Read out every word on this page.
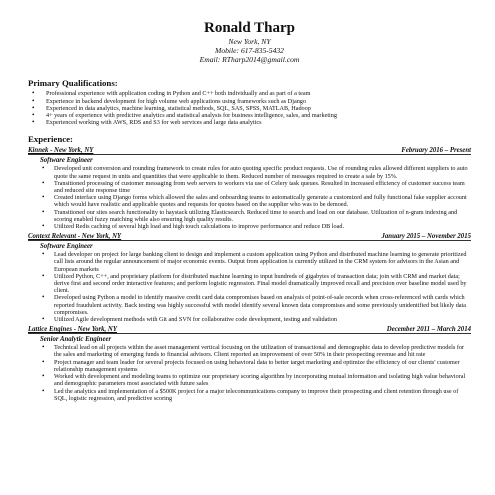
Ronald Tharp
New York, NY
Mobile: 617-835-5432
Email: RTharp2014@gmail.com
Primary Qualifications:
• Professional experience with application coding in Python and C++ both individually and as part of a team
• Experience in backend development for high volume web applications using frameworks such as Django
• Experienced in data analytics, machine learning, statistical methods, SQL, SAS, SPSS, MATLAB, Hadoop
• 4+ years of experience with predictive analytics and statistical analysis for business intelligence, sales, and marketing
• Experienced working with AWS, RDS and S3 for web services and large data analytics
Experience:
Kinnek - New York, NY	February 2016 – Present
Software Engineer
• Developed unit conversion and rounding framework to create rules for auto quoting specific product requests. Use of rounding rules allowed different suppliers to auto quote the same request in units and quantities that were applicable to them. Reduced number of messages required to create a sale by 15%.
• Transitioned processing of customer messaging from web servers to workers via use of Celery task queues. Resulted in increased efficiency of customer success team and reduced site response time
• Created interface using Django forms which allowed the sales and onboarding teams to automatically generate a customized and fully functional fake supplier account which would have realistic and applicable quotes and requests for quotes based on the supplier who was to be demoed.
• Transitioned our sites search functionality to haystack utilizing Elasticsearch. Reduced time to search and load on our database. Utilization of n-gram indexing and scoring enabled fuzzy matching while also ensuring high quality results.
• Utilized Redis caching of several high load and high touch calculations to improve performance and reduce DB load.
Context Relevant - New York, NY	January 2015 – November 2015
Software Engineer
• Lead developer on project for large banking client to design and implement a custom application using Python and distributed machine learning to generate prioritized call lists around the regular announcement of major economic events. Output from application is currently utilized in the CRM system for advisors in the Asian and European markets
• Utilized Python, C++, and proprietary platform for distributed machine learning to input hundreds of gigabytes of transaction data; join with CRM and market data; derive first and second order interactive features; and perform logistic regression. Final model dramatically improved recall and precision over baseline model used by client.
• Developed using Python a model to identify massive credit card data compromises based on analysis of point-of-sale records when cross-referenced with cards which reported fraudulent activity. Back testing was highly successful with model identify several known data compromises and some previously unidentified but likely data compromises.
• Utilized Agile development methods with Git and SVN for collaborative code development, testing and validation
Lattice Engines - New York, NY	December 2011 – March 2014
Senior Analytic Engineer
• Technical lead on all projects within the asset management vertical focusing on the utilization of transactional and demographic data to develop predictive models for the sales and marketing of emerging funds to financial advisors. Client reported an improvement of over 50% in their prospecting revenue and hit rate
• Project manager and team leader for several projects focused on using behavioral data to better target marketing and optimize the efficiency of our clients' customer relationship management systems
• Worked with development and modeling teams to optimize our proprietary scoring algorithm by incorporating mutual information and isolating high value behavioral and demographic parameters most associated with future sales
• Led the analytics and implementation of a $500K project for a major telecommunications company to improve their prospecting and client retention through use of SQL, logistic regression, and predictive scoring
